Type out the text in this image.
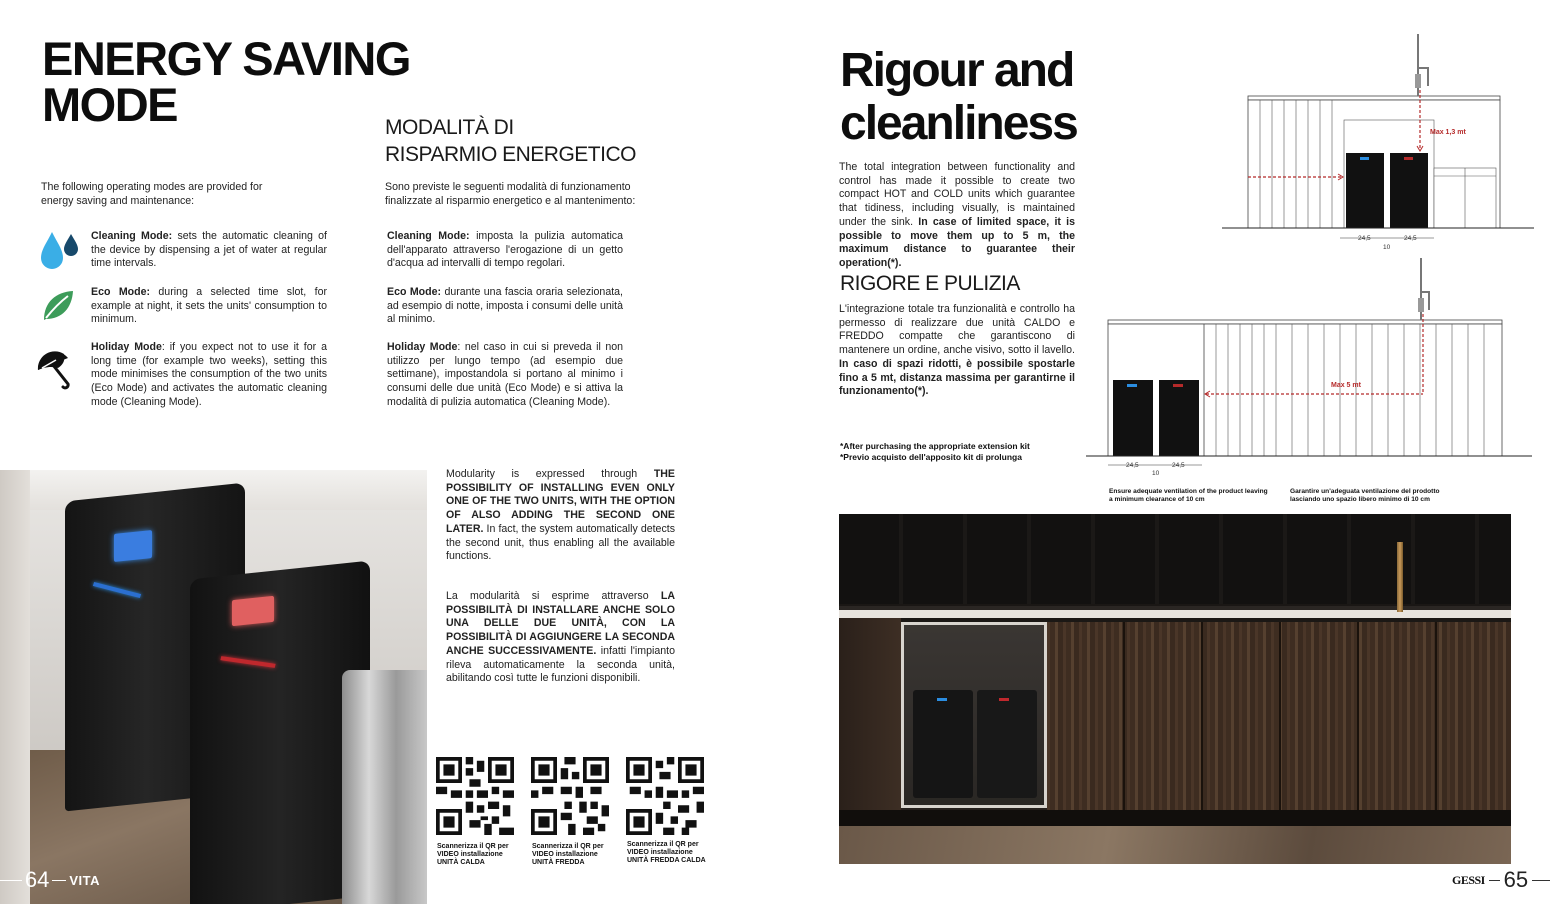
ENERGY SAVING
MODE	MODALITÀ DI
RISPARMIO ENERGETICO
The following operating modes are provided for
energy saving and maintenance:
Sono previste le seguenti modalità di funzionamento
finalizzate al risparmio energetico e al mantenimento:
Cleaning Mode: sets the automatic cleaning of the device by dispensing a jet of water at regular time intervals.
Eco Mode: during a selected time slot, for example at night, it sets the units' consumption to minimum.
Holiday Mode: if you expect not to use it for a long time (for example two weeks), setting this mode minimises the consumption of the two units (Eco Mode) and activates the automatic cleaning mode (Cleaning Mode).
Cleaning Mode: imposta la pulizia automatica dell'apparato attraverso l'erogazione di un getto d'acqua ad intervalli di tempo regolari.
Eco Mode: durante una fascia oraria selezionata, ad esempio di notte, imposta i consumi delle unità al minimo.
Holiday Mode: nel caso in cui si preveda il non utilizzo per lungo tempo (ad esempio due settimane), impostandola si portano al minimo i consumi delle due unità (Eco Mode) e si attiva la modalità di pulizia automatica (Cleaning Mode).
Modularity is expressed through THE POSSIBILITY OF INSTALLING EVEN ONLY ONE OF THE TWO UNITS, WITH THE OPTION OF ALSO ADDING THE SECOND ONE LATER. In fact, the system automatically detects the second unit, thus enabling all the available functions.
La modularità si esprime attraverso LA POSSIBILITÀ DI INSTALLARE ANCHE SOLO UNA DELLE DUE UNITÀ, CON LA POSSIBILITÀ DI AGGIUNGERE LA SECONDA ANCHE SUCCESSIVAMENTE. infatti l'impianto rileva automaticamente la seconda unità, abilitando così tutte le funzioni disponibili.
Scannerizza il QR per
VIDEO installazione
UNITÀ CALDA
Scannerizza il QR per
VIDEO installazione
UNITÀ FREDDA
Scannerizza il QR per
VIDEO installazione
UNITÀ FREDDA CALDA
64 VITA
Rigour and
cleanliness
The total integration between functionality and control has made it possible to create two compact HOT and COLD units which guarantee that tidiness, including visually, is maintained under the sink. In case of limited space, it is possible to move them up to 5 m, the maximum distance to guarantee their operation(*).
RIGORE E PULIZIA
L'integrazione totale tra funzionalità e controllo ha permesso di realizzare due unità CALDO e FREDDO compatte che garantiscono di mantenere un ordine, anche visivo, sotto il lavello. In caso di spazi ridotti, è possibile spostarle fino a 5 mt, distanza massima per garantirne il funzionamento(*).
*After purchasing the appropriate extension kit
*Previo acquisto dell'apposito kit di prolunga
Max 1,3 mt
24,5	24,5
10
Max 5 mt
24,5	24,5
10
Ensure adequate ventilation of the product leaving
a minimum clearance of 10 cm
Garantire un'adeguata ventilazione del prodotto
lasciando uno spazio libero minimo di 10 cm
GESSI 65
